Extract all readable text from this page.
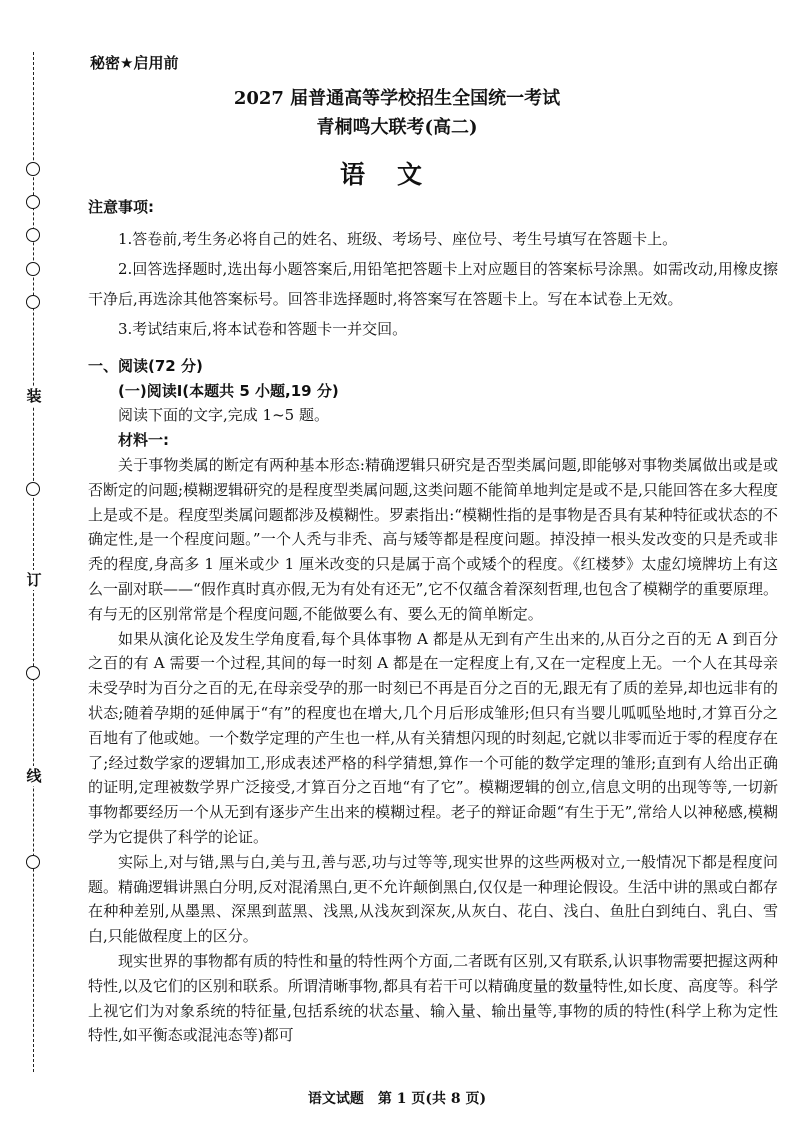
装
订
线
秘密★启用前
2027 届普通高等学校招生全国统一考试
青桐鸣大联考(高二)
语文

注意事项:

1.答卷前,考生务必将自己的姓名、班级、考场号、座位号、考生号填写在答题卡上。

2.回答选择题时,选出每小题答案后,用铅笔把答题卡上对应题目的答案标号涂黑。如需改动,用橡皮擦干净后,再选涂其他答案标号。回答非选择题时,将答案写在答题卡上。写在本试卷上无效。

3.考试结束后,将本试卷和答题卡一并交回。

一、阅读(72 分)

(一)阅读Ⅰ(本题共 5 小题,19 分)

阅读下面的文字,完成 1~5 题。

材料一:

关于事物类属的断定有两种基本形态:精确逻辑只研究是否型类属问题,即能够对事物类属做出或是或否断定的问题;模糊逻辑研究的是程度型类属问题,这类问题不能简单地判定是或不是,只能回答在多大程度上是或不是。程度型类属问题都涉及模糊性。罗素指出:“模糊性指的是事物是否具有某种特征或状态的不确定性,是一个程度问题。”一个人秃与非秃、高与矮等都是程度问题。掉没掉一根头发改变的只是秃或非秃的程度,身高多 1 厘米或少 1 厘米改变的只是属于高个或矮个的程度。《红楼梦》太虚幻境牌坊上有这么一副对联——“假作真时真亦假,无为有处有还无”,它不仅蕴含着深刻哲理,也包含了模糊学的重要原理。有与无的区别常常是个程度问题,不能做要么有、要么无的简单断定。

如果从演化论及发生学角度看,每个具体事物 A 都是从无到有产生出来的,从百分之百的无 A 到百分之百的有 A 需要一个过程,其间的每一时刻 A 都是在一定程度上有,又在一定程度上无。一个人在其母亲未受孕时为百分之百的无,在母亲受孕的那一时刻已不再是百分之百的无,跟无有了质的差异,却也远非有的状态;随着孕期的延伸属于“有”的程度也在增大,几个月后形成雏形;但只有当婴儿呱呱坠地时,才算百分之百地有了他或她。一个数学定理的产生也一样,从有关猜想闪现的时刻起,它就以非零而近于零的程度存在了;经过数学家的逻辑加工,形成表述严格的科学猜想,算作一个可能的数学定理的雏形;直到有人给出正确的证明,定理被数学界广泛接受,才算百分之百地“有了它”。模糊逻辑的创立,信息文明的出现等等,一切新事物都要经历一个从无到有逐步产生出来的模糊过程。老子的辩证命题“有生于无”,常给人以神秘感,模糊学为它提供了科学的论证。

实际上,对与错,黑与白,美与丑,善与恶,功与过等等,现实世界的这些两极对立,一般情况下都是程度问题。精确逻辑讲黑白分明,反对混淆黑白,更不允许颠倒黑白,仅仅是一种理论假设。生活中讲的黑或白都存在种种差别,从墨黑、深黑到蓝黑、浅黑,从浅灰到深灰,从灰白、花白、浅白、鱼肚白到纯白、乳白、雪白,只能做程度上的区分。

现实世界的事物都有质的特性和量的特性两个方面,二者既有区别,又有联系,认识事物需要把握这两种特性,以及它们的区别和联系。所谓清晰事物,都具有若干可以精确度量的数量特性,如长度、高度等。科学上视它们为对象系统的特征量,包括系统的状态量、输入量、输出量等,事物的质的特性(科学上称为定性特性,如平衡态或混沌态等)都可

语文试题　第 1 页(共 8 页)
